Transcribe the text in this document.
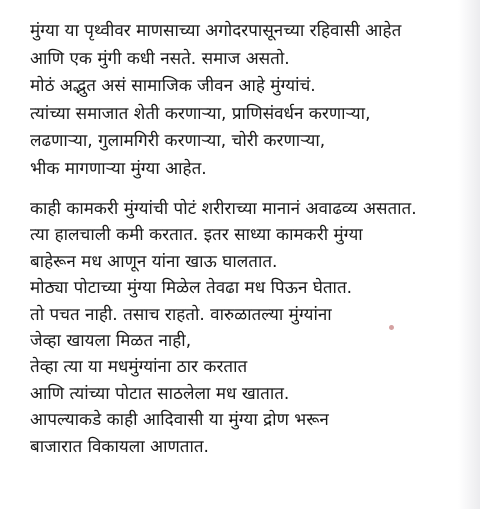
मुंग्या या पृथ्वीवर माणसाच्या अगोदरपासूनच्या रहिवासी आहेत
आणि एक मुंगी कधी नसते. समाज असतो.
मोठं अद्भुत असं सामाजिक जीवन आहे मुंग्यांचं.
त्यांच्या समाजात शेती करणाऱ्या, प्राणिसंवर्धन करणाऱ्या,
लढणाऱ्या, गुलामगिरी करणाऱ्या, चोरी करणाऱ्या,
भीक मागणाऱ्या मुंग्या आहेत.
काही कामकरी मुंग्यांची पोटं शरीराच्या मानानं अवाढव्य असतात.
त्या हालचाली कमी करतात. इतर साध्या कामकरी मुंग्या
बाहेरून मध आणून यांना खाऊ घालतात.
मोठ्या पोटाच्या मुंग्या मिळेल तेवढा मध पिऊन घेतात.
तो पचत नाही. तसाच राहतो. वारुळातल्या मुंग्यांना
जेव्हा खायला मिळत नाही,
तेव्हा त्या या मधमुंग्यांना ठार करतात
आणि त्यांच्या पोटात साठलेला मध खातात.
आपल्याकडे काही आदिवासी या मुंग्या द्रोण भरून
बाजारात विकायला आणतात.
